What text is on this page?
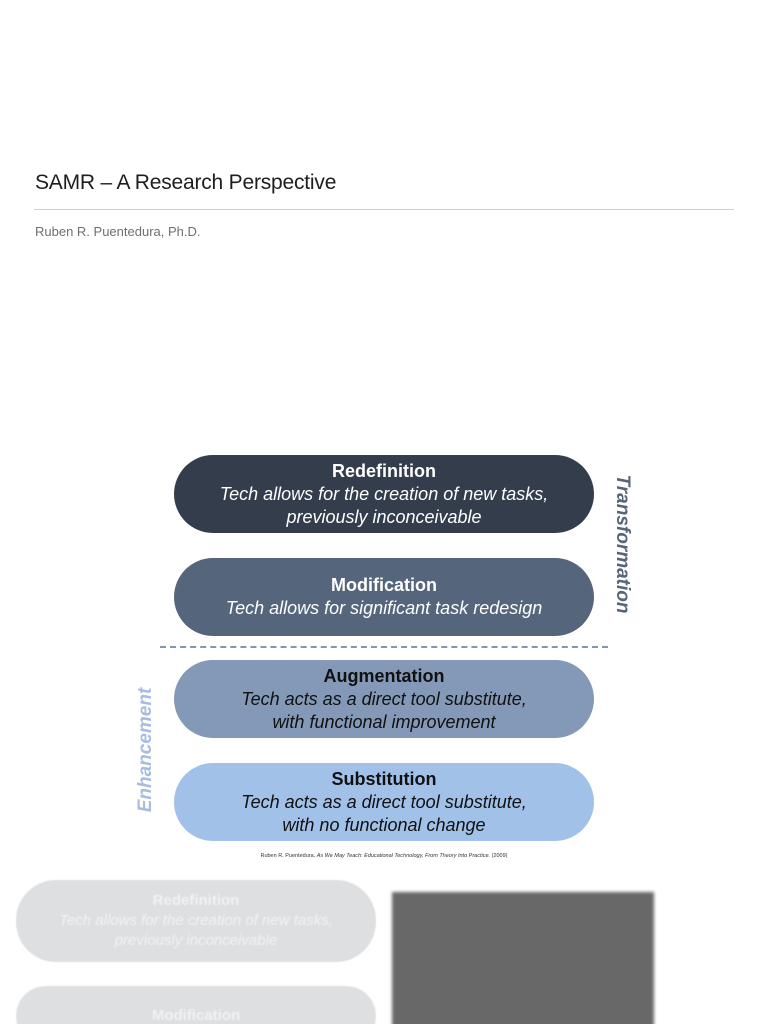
SAMR – A Research Perspective
Ruben R. Puentedura, Ph.D.
Redefinition
Tech allows for the creation of new tasks,
previously inconceivable
Modification
Tech allows for significant task redesign
Augmentation
Tech acts as a direct tool substitute,
with functional improvement
Substitution
Tech acts as a direct tool substitute,
with no functional change
Transformation
Enhancement
Ruben R. Puentedura, As We May Teach: Educational Technology, From Theory Into Practice. (2009)
Redefinition
Tech allows for the creation of new tasks,
previously inconceivable
Modification
